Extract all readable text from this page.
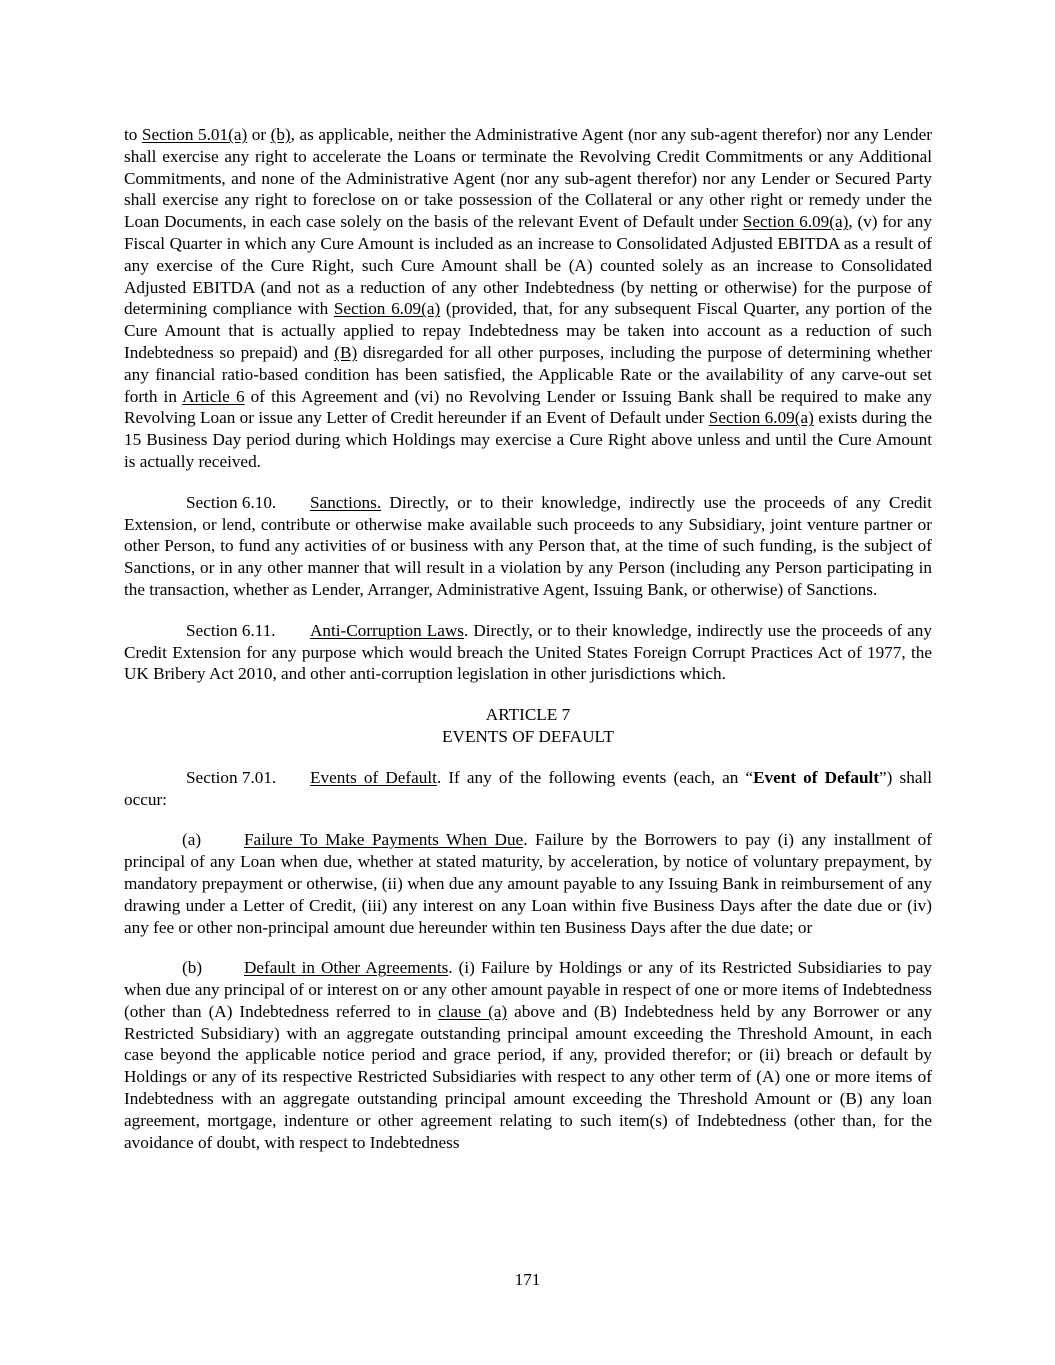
to Section 5.01(a) or (b), as applicable, neither the Administrative Agent (nor any sub-agent therefor) nor any Lender shall exercise any right to accelerate the Loans or terminate the Revolving Credit Commitments or any Additional Commitments, and none of the Administrative Agent (nor any sub-agent therefor) nor any Lender or Secured Party shall exercise any right to foreclose on or take possession of the Collateral or any other right or remedy under the Loan Documents, in each case solely on the basis of the relevant Event of Default under Section 6.09(a), (v) for any Fiscal Quarter in which any Cure Amount is included as an increase to Consolidated Adjusted EBITDA as a result of any exercise of the Cure Right, such Cure Amount shall be (A) counted solely as an increase to Consolidated Adjusted EBITDA (and not as a reduction of any other Indebtedness (by netting or otherwise) for the purpose of determining compliance with Section 6.09(a) (provided, that, for any subsequent Fiscal Quarter, any portion of the Cure Amount that is actually applied to repay Indebtedness may be taken into account as a reduction of such Indebtedness so prepaid) and (B) disregarded for all other purposes, including the purpose of determining whether any financial ratio-based condition has been satisfied, the Applicable Rate or the availability of any carve-out set forth in Article 6 of this Agreement and (vi) no Revolving Lender or Issuing Bank shall be required to make any Revolving Loan or issue any Letter of Credit hereunder if an Event of Default under Section 6.09(a) exists during the 15 Business Day period during which Holdings may exercise a Cure Right above unless and until the Cure Amount is actually received.

Section 6.10. Sanctions. Directly, or to their knowledge, indirectly use the proceeds of any Credit Extension, or lend, contribute or otherwise make available such proceeds to any Subsidiary, joint venture partner or other Person, to fund any activities of or business with any Person that, at the time of such funding, is the subject of Sanctions, or in any other manner that will result in a violation by any Person (including any Person participating in the transaction, whether as Lender, Arranger, Administrative Agent, Issuing Bank, or otherwise) of Sanctions.

Section 6.11. Anti-Corruption Laws. Directly, or to their knowledge, indirectly use the proceeds of any Credit Extension for any purpose which would breach the United States Foreign Corrupt Practices Act of 1977, the UK Bribery Act 2010, and other anti-corruption legislation in other jurisdictions which.

ARTICLE 7

EVENTS OF DEFAULT

Section 7.01. Events of Default. If any of the following events (each, an “Event of Default”) shall occur:

(a) Failure To Make Payments When Due. Failure by the Borrowers to pay (i) any installment of principal of any Loan when due, whether at stated maturity, by acceleration, by notice of voluntary prepayment, by mandatory prepayment or otherwise, (ii) when due any amount payable to any Issuing Bank in reimbursement of any drawing under a Letter of Credit, (iii) any interest on any Loan within five Business Days after the date due or (iv) any fee or other non-principal amount due hereunder within ten Business Days after the due date; or

(b) Default in Other Agreements. (i) Failure by Holdings or any of its Restricted Subsidiaries to pay when due any principal of or interest on or any other amount payable in respect of one or more items of Indebtedness (other than (A) Indebtedness referred to in clause (a) above and (B) Indebtedness held by any Borrower or any Restricted Subsidiary) with an aggregate outstanding principal amount exceeding the Threshold Amount, in each case beyond the applicable notice period and grace period, if any, provided therefor; or (ii) breach or default by Holdings or any of its respective Restricted Subsidiaries with respect to any other term of (A) one or more items of Indebtedness with an aggregate outstanding principal amount exceeding the Threshold Amount or (B) any loan agreement, mortgage, indenture or other agreement relating to such item(s) of Indebtedness (other than, for the avoidance of doubt, with respect to Indebtedness

171
